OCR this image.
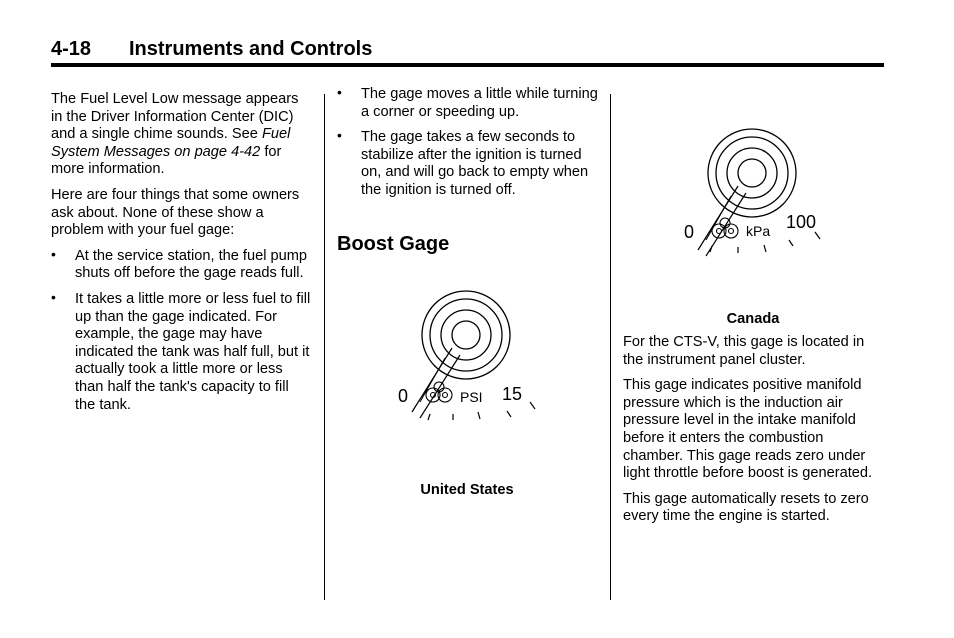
4-18 Instruments and Controls

The Fuel Level Low message appears in the Driver Information Center (DIC) and a single chime sounds. See Fuel System Messages on page 4-42 for more information.

Here are four things that some owners ask about. None of these show a problem with your fuel gage:

• At the service station, the fuel pump shuts off before the gage reads full.
• It takes a little more or less fuel to fill up than the gage indicated. For example, the gage may have indicated the tank was half full, but it actually took a little more or less than half the tank's capacity to fill the tank.
• The gage moves a little while turning a corner or speeding up.
• The gage takes a few seconds to stabilize after the ignition is turned on, and will go back to empty when the ignition is turned off.
Boost Gage
0	PSI 15
United States
0	kPa 100
Canada

For the CTS-V, this gage is located in the instrument panel cluster.

This gage indicates positive manifold pressure which is the induction air pressure level in the intake manifold before it enters the combustion chamber. This gage reads zero under light throttle before boost is generated.

This gage automatically resets to zero every time the engine is started.
